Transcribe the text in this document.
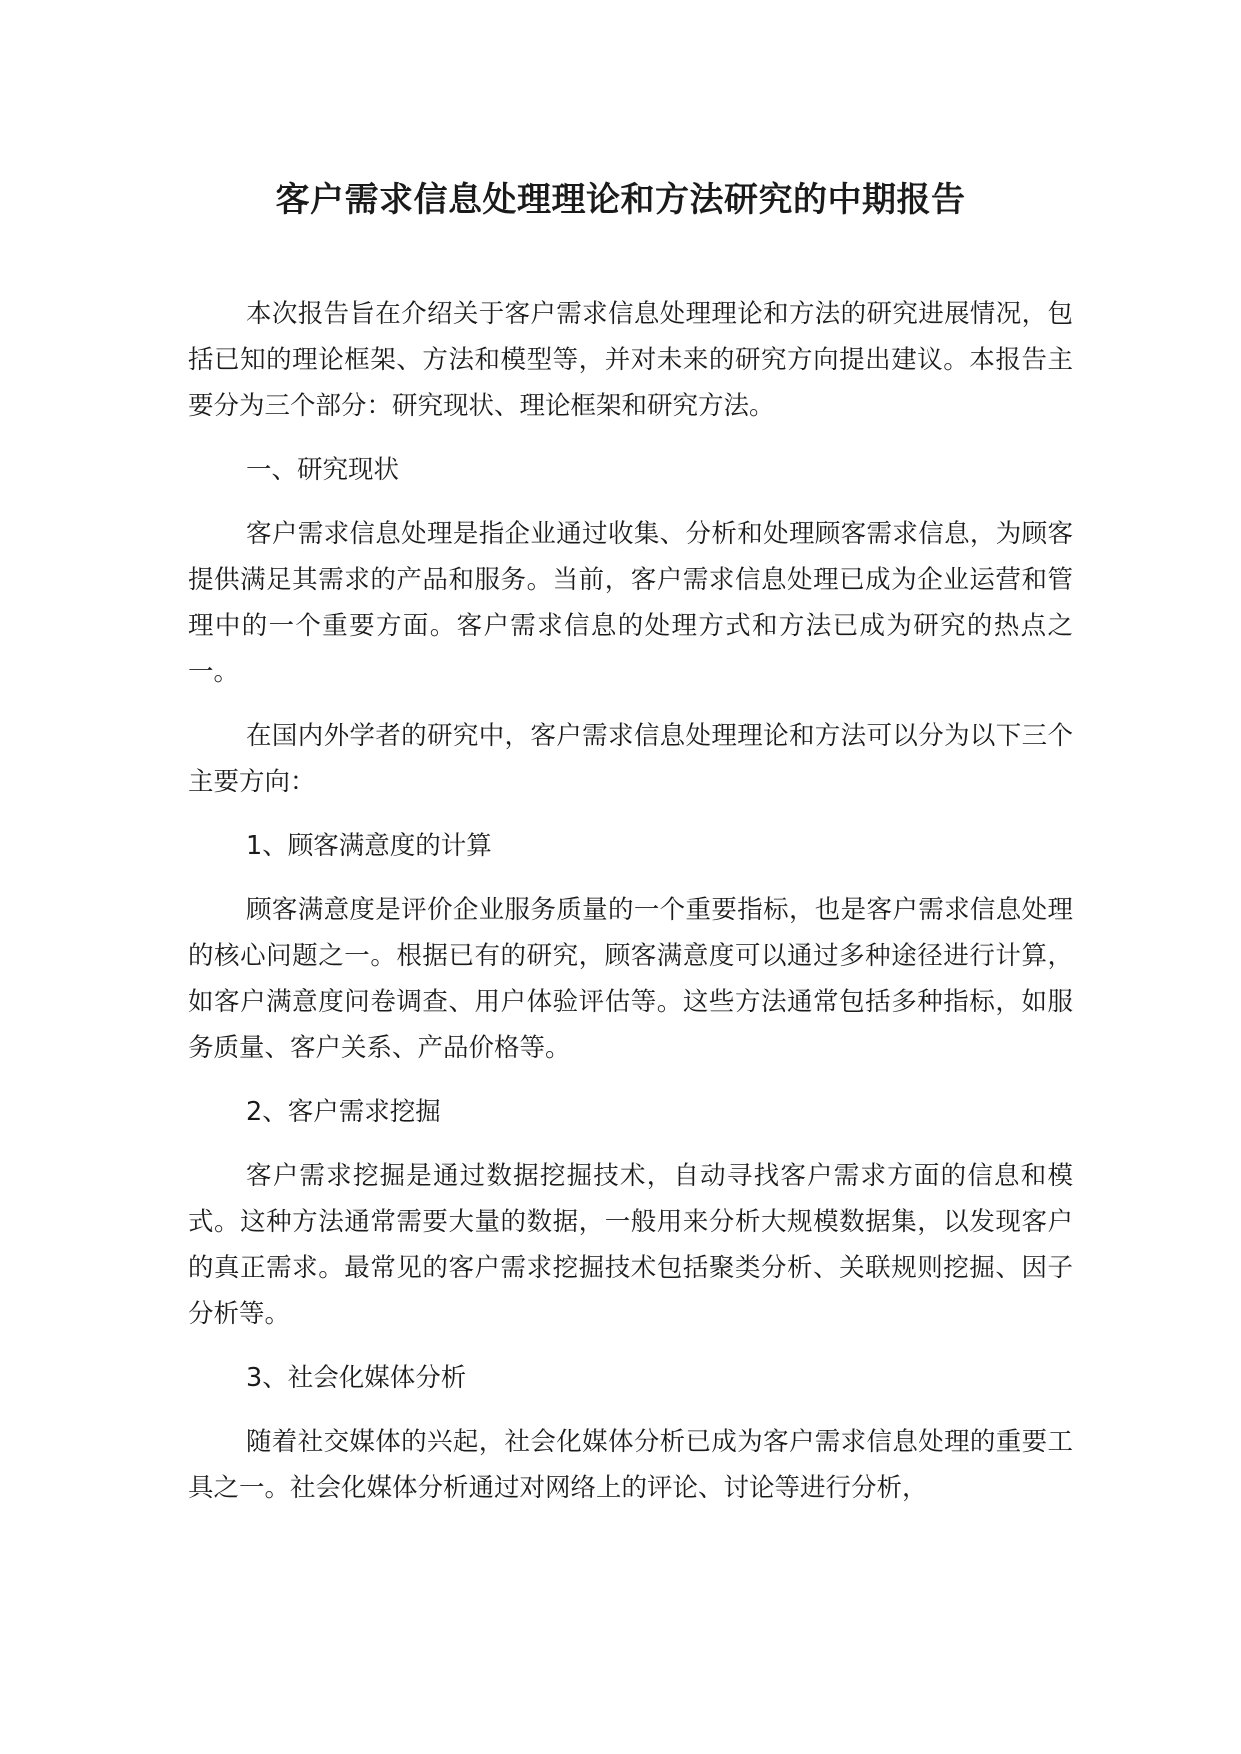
客户需求信息处理理论和方法研究的中期报告

本次报告旨在介绍关于客户需求信息处理理论和方法的研究进展情况，包括已知的理论框架、方法和模型等，并对未来的研究方向提出建议。本报告主要分为三个部分：研究现状、理论框架和研究方法。

一、研究现状

客户需求信息处理是指企业通过收集、分析和处理顾客需求信息，为顾客提供满足其需求的产品和服务。当前，客户需求信息处理已成为企业运营和管理中的一个重要方面。客户需求信息的处理方式和方法已成为研究的热点之一。

在国内外学者的研究中，客户需求信息处理理论和方法可以分为以下三个主要方向：

1、顾客满意度的计算

顾客满意度是评价企业服务质量的一个重要指标，也是客户需求信息处理的核心问题之一。根据已有的研究，顾客满意度可以通过多种途径进行计算，如客户满意度问卷调查、用户体验评估等。这些方法通常包括多种指标，如服务质量、客户关系、产品价格等。

2、客户需求挖掘

客户需求挖掘是通过数据挖掘技术，自动寻找客户需求方面的信息和模式。这种方法通常需要大量的数据，一般用来分析大规模数据集，以发现客户的真正需求。最常见的客户需求挖掘技术包括聚类分析、关联规则挖掘、因子分析等。

3、社会化媒体分析

随着社交媒体的兴起，社会化媒体分析已成为客户需求信息处理的重要工具之一。社会化媒体分析通过对网络上的评论、讨论等进行分析，
